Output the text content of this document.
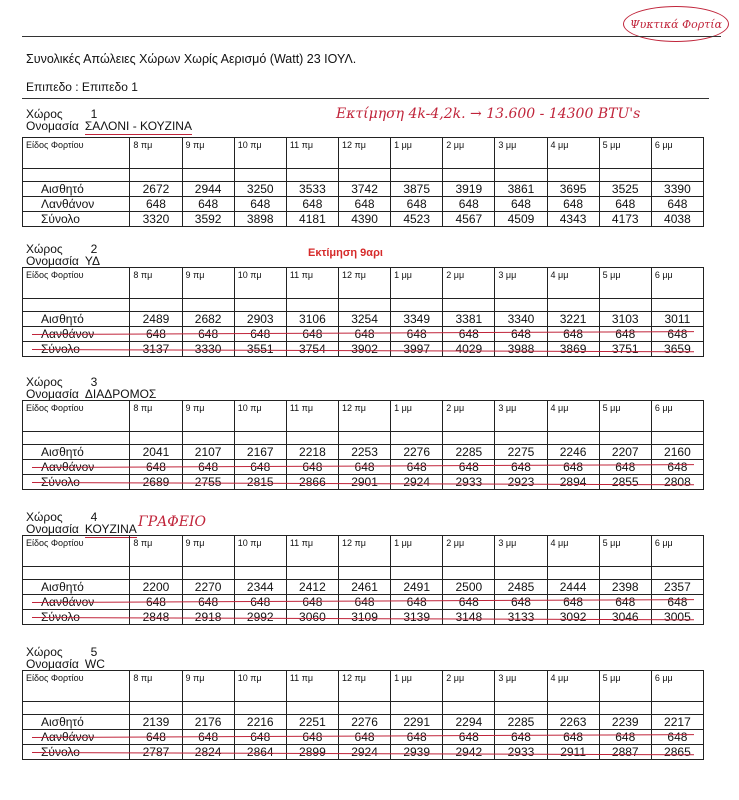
Ψυκτικά Φορτία
Συνολικές Απώλειες Χώρων Χωρίς Αερισμό (Watt) 23 ΙΟΥΛ.
Επιπεδο : Επιπεδο 1
Χώρος 1
Ονομασία ΣΑΛΟΝΙ - ΚΟΥΖΙΝΑ
Εκτίμηση 4k-4,2k. → 13.600 - 14300 BTU's
Είδος Φορτίου	8 πμ	9 πμ	10 πμ	11 πμ	12 πμ	1 μμ	2 μμ	3 μμ	4 μμ	5 μμ	6 μμ

Αισθητό	2672	2944	3250	3533	3742	3875	3919	3861	3695	3525	3390
Λανθάνον	648	648	648	648	648	648	648	648	648	648	648
Σύνολο	3320	3592	3898	4181	4390	4523	4567	4509	4343	4173	4038
Χώρος 2
Ονομασία ΥΔ
Εκτίμηση 9αρι
Είδος Φορτίου	8 πμ	9 πμ	10 πμ	11 πμ	12 πμ	1 μμ	2 μμ	3 μμ	4 μμ	5 μμ	6 μμ

Αισθητό	2489	2682	2903	3106	3254	3349	3381	3340	3221	3103	3011
Λανθάνον	648	648	648	648	648	648	648	648	648	648	648
Σύνολο	3137	3330	3551	3754	3902	3997	4029	3988	3869	3751	3659
Χώρος 3
Ονομασία ΔΙΑΔΡΟΜΟΣ
Είδος Φορτίου	8 πμ	9 πμ	10 πμ	11 πμ	12 πμ	1 μμ	2 μμ	3 μμ	4 μμ	5 μμ	6 μμ

Αισθητό	2041	2107	2167	2218	2253	2276	2285	2275	2246	2207	2160
Λανθάνον	648	648	648	648	648	648	648	648	648	648	648
Σύνολο	2689	2755	2815	2866	2901	2924	2933	2923	2894	2855	2808
Χώρος 4
Ονομασία ΚΟΥΖΙΝΑ ΓΡΑΦΕΙΟ
Είδος Φορτίου	8 πμ	9 πμ	10 πμ	11 πμ	12 πμ	1 μμ	2 μμ	3 μμ	4 μμ	5 μμ	6 μμ

Αισθητό	2200	2270	2344	2412	2461	2491	2500	2485	2444	2398	2357
Λανθάνον	648	648	648	648	648	648	648	648	648	648	648
Σύνολο	2848	2918	2992	3060	3109	3139	3148	3133	3092	3046	3005
Χώρος 5
Ονομασία WC
Είδος Φορτίου	8 πμ	9 πμ	10 πμ	11 πμ	12 πμ	1 μμ	2 μμ	3 μμ	4 μμ	5 μμ	6 μμ

Αισθητό	2139	2176	2216	2251	2276	2291	2294	2285	2263	2239	2217
Λανθάνον	648	648	648	648	648	648	648	648	648	648	648
Σύνολο	2787	2824	2864	2899	2924	2939	2942	2933	2911	2887	2865
